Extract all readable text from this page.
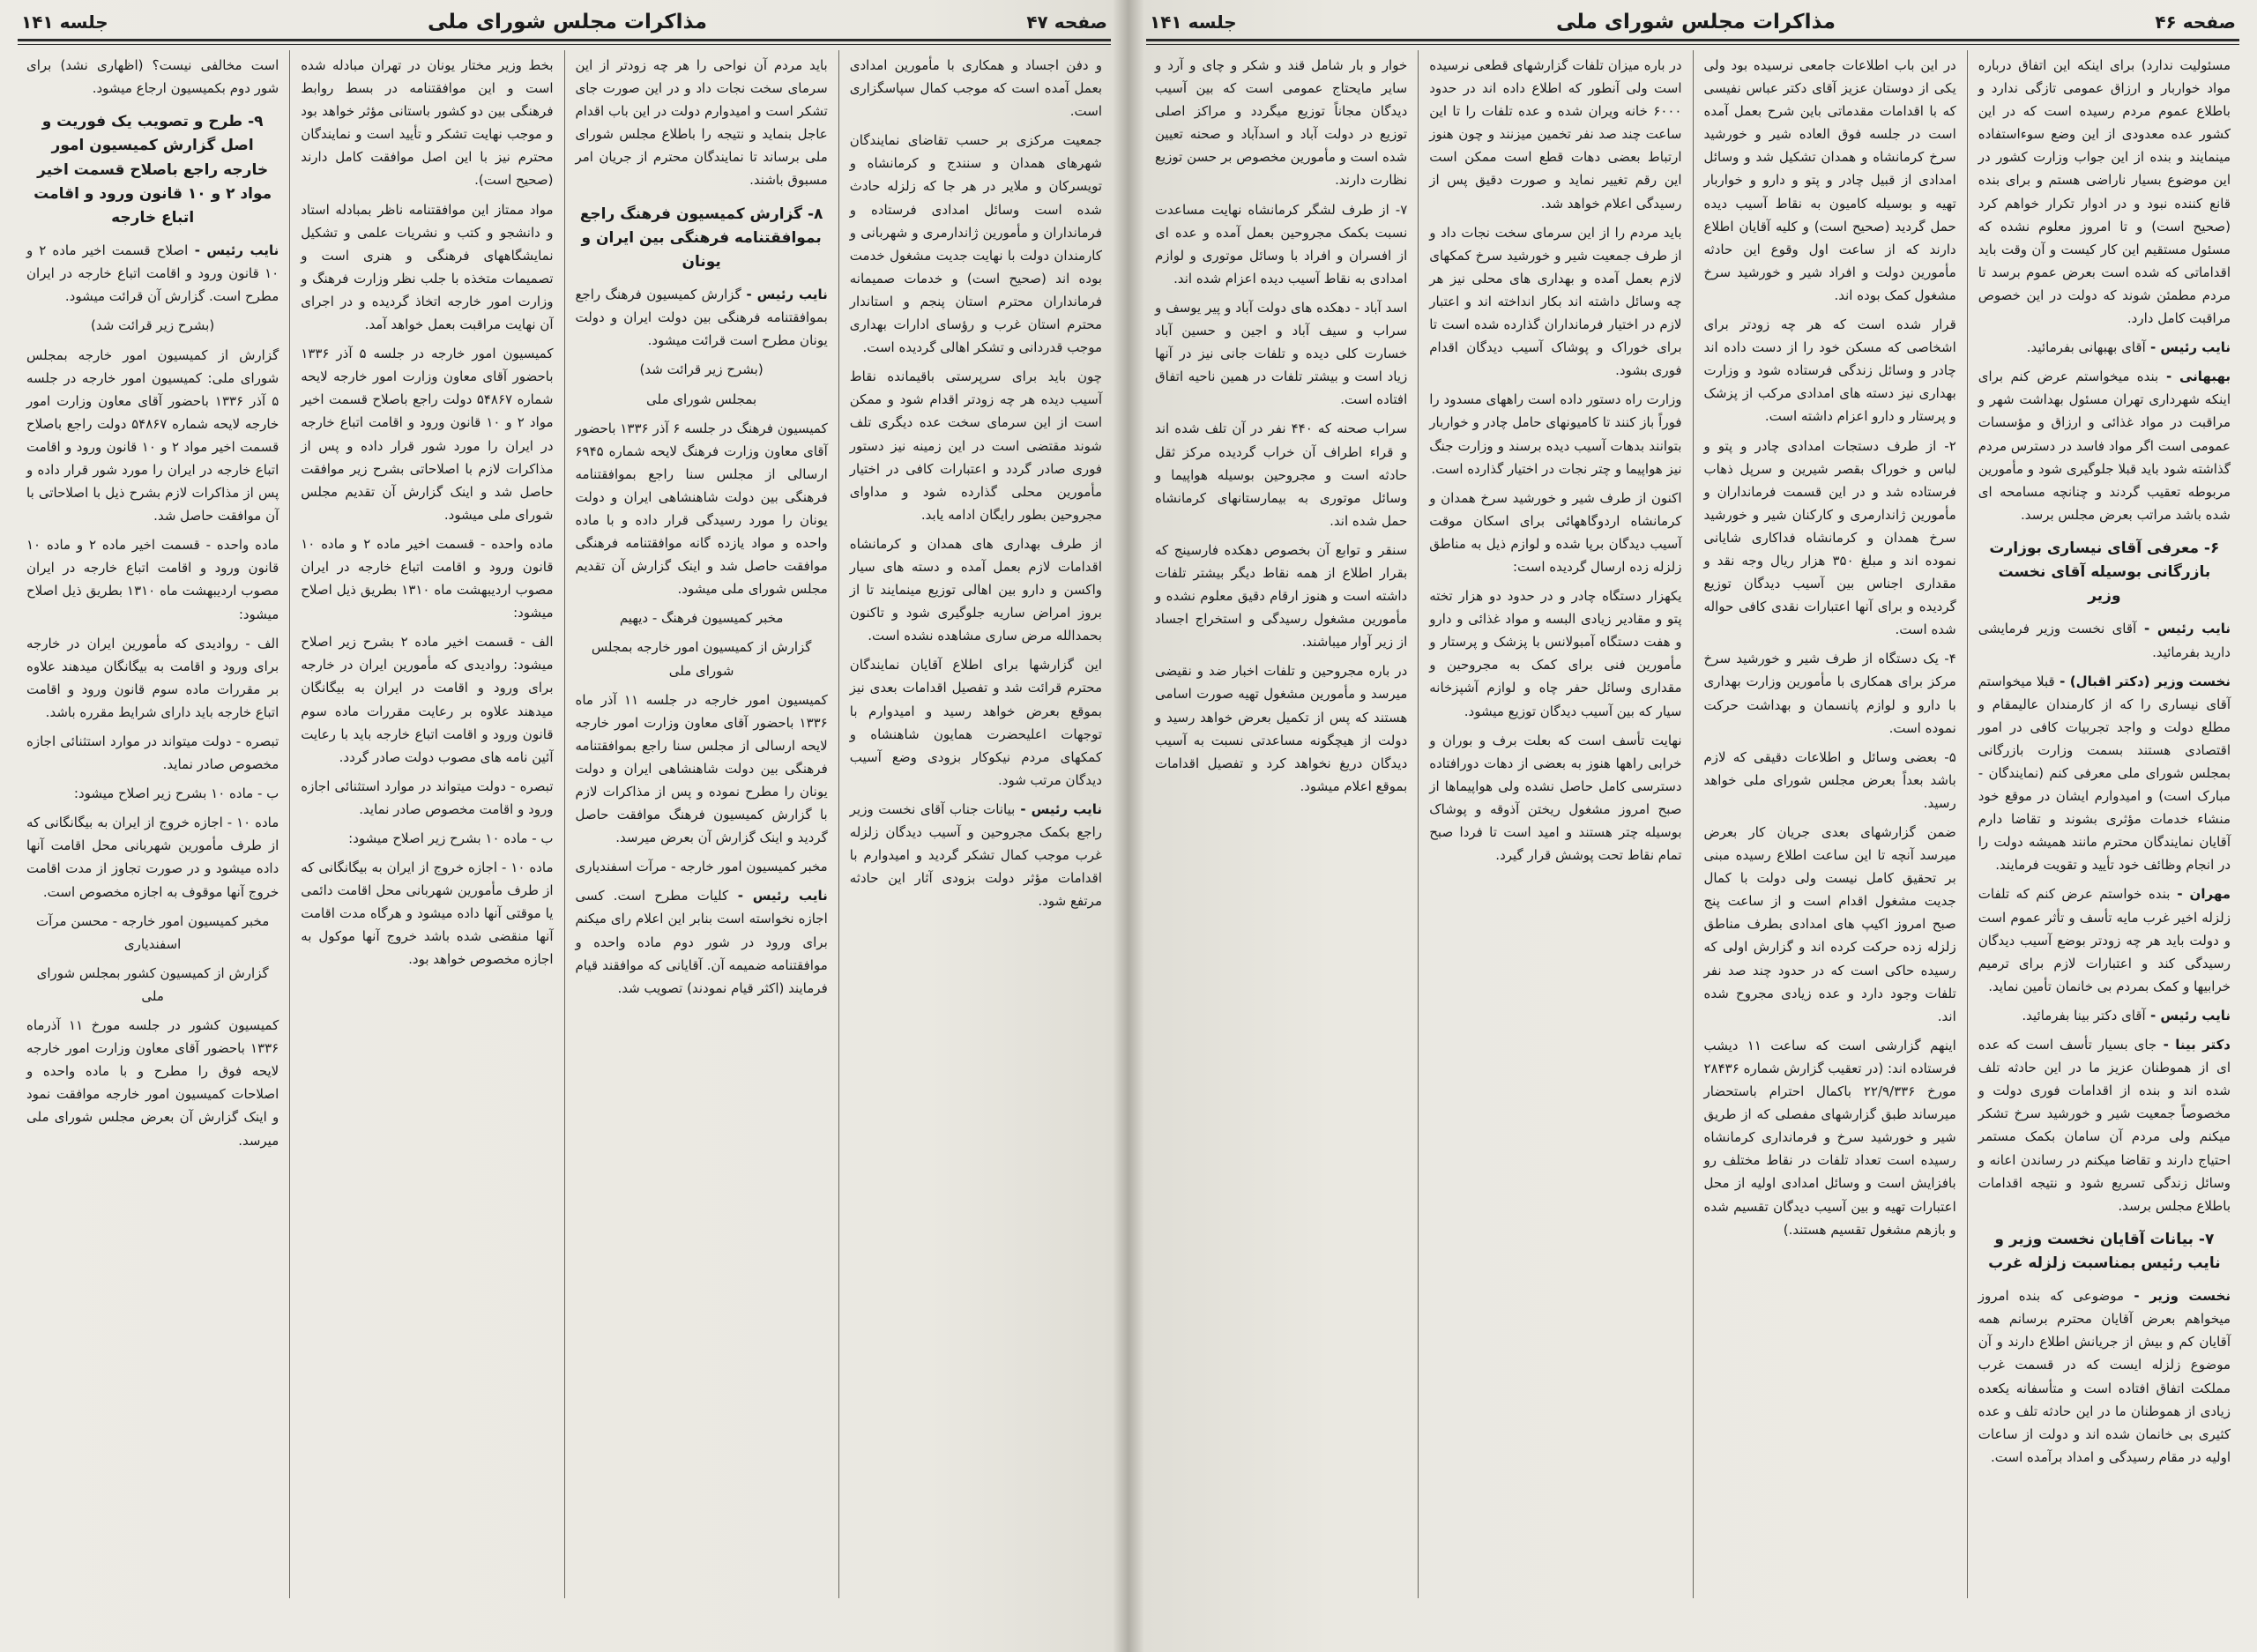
صفحه ۴۷
مذاکرات مجلس شورای ملی
جلسه ۱۴۱

و دفن اجساد و همکاری با مأمورین امدادی بعمل آمده است که موجب کمال سپاسگزاری است.

جمعیت مرکزی بر حسب تقاضای نمایندگان شهرهای همدان و سنندج و کرمانشاه و تویسرکان و ملایر در هر جا که زلزله حادث شده است وسائل امدادی فرستاده و فرمانداران و مأمورین ژاندارمری و شهربانی و کارمندان دولت با نهایت جدیت مشغول خدمت بوده اند (صحیح است) و خدمات صمیمانه فرمانداران محترم استان پنجم و استاندار محترم استان غرب و رؤسای ادارات بهداری موجب قدردانی و تشکر اهالی گردیده است.

چون باید برای سرپرستی باقیمانده نقاط آسیب دیده هر چه زودتر اقدام شود و ممکن است از این سرمای سخت عده دیگری تلف شوند مقتضی است در این زمینه نیز دستور فوری صادر گردد و اعتبارات کافی در اختیار مأمورین محلی گذارده شود و مداوای مجروحین بطور رایگان ادامه یابد.

از طرف بهداری های همدان و کرمانشاه اقدامات لازم بعمل آمده و دسته های سیار واکسن و دارو بین اهالی توزیع مینمایند تا از بروز امراض ساریه جلوگیری شود و تاکنون بحمدالله مرض ساری مشاهده نشده است.

این گزارشها برای اطلاع آقایان نمایندگان محترم قرائت شد و تفصیل اقدامات بعدی نیز بموقع بعرض خواهد رسید و امیدوارم با توجهات اعلیحضرت همایون شاهنشاه و کمکهای مردم نیکوکار بزودی وضع آسیب دیدگان مرتب شود.

نایب رئیس - بیانات جناب آقای نخست وزیر راجع بکمک مجروحین و آسیب دیدگان زلزله غرب موجب کمال تشکر گردید و امیدوارم با اقدامات مؤثر دولت بزودی آثار این حادثه مرتفع شود.

باید مردم آن نواحی را هر چه زودتر از این سرمای سخت نجات داد و در این صورت جای تشکر است و امیدوارم دولت در این باب اقدام عاجل بنماید و نتیجه را باطلاع مجلس شورای ملی برساند تا نمایندگان محترم از جریان امر مسبوق باشند.

۸- گزارش کمیسیون فرهنگ راجع بموافقتنامه فرهنگی بین ایران و یونان

نایب رئیس - گزارش کمیسیون فرهنگ راجع بموافقتنامه فرهنگی بین دولت ایران و دولت یونان مطرح است قرائت میشود.

(بشرح زیر قرائت شد)

بمجلس شورای ملی

کمیسیون فرهنگ در جلسه ۶ آذر ۱۳۳۶ باحضور آقای معاون وزارت فرهنگ لایحه شماره ۶۹۴۵ ارسالی از مجلس سنا راجع بموافقتنامه فرهنگی بین دولت شاهنشاهی ایران و دولت یونان را مورد رسیدگی قرار داده و با ماده واحده و مواد یازده گانه موافقتنامه فرهنگی موافقت حاصل شد و اینک گزارش آن تقدیم مجلس شورای ملی میشود.

مخبر کمیسیون فرهنگ - دیهیم

گزارش از کمیسیون امور خارجه بمجلس شورای ملی

کمیسیون امور خارجه در جلسه ۱۱ آذر ماه ۱۳۳۶ باحضور آقای معاون وزارت امور خارجه لایحه ارسالی از مجلس سنا راجع بموافقتنامه فرهنگی بین دولت شاهنشاهی ایران و دولت یونان را مطرح نموده و پس از مذاکرات لازم با گزارش کمیسیون فرهنگ موافقت حاصل گردید و اینک گزارش آن بعرض میرسد.

مخبر کمیسیون امور خارجه - مرآت اسفندیاری

نایب رئیس - کلیات مطرح است. کسی اجازه نخواسته است بنابر این اعلام رای میکنم برای ورود در شور دوم ماده واحده و موافقتنامه ضمیمه آن. آقایانی که موافقند قیام فرمایند (اکثر قیام نمودند) تصویب شد.

بخط وزیر مختار یونان در تهران مبادله شده است و این موافقتنامه در بسط روابط فرهنگی بین دو کشور باستانی مؤثر خواهد بود و موجب نهایت تشکر و تأیید است و نمایندگان محترم نیز با این اصل موافقت کامل دارند (صحیح است).

مواد ممتاز این موافقتنامه ناظر بمبادله استاد و دانشجو و کتب و نشریات علمی و تشکیل نمایشگاههای فرهنگی و هنری است و تصمیمات متخذه با جلب نظر وزارت فرهنگ و وزارت امور خارجه اتخاذ گردیده و در اجرای آن نهایت مراقبت بعمل خواهد آمد.

کمیسیون امور خارجه در جلسه ۵ آذر ۱۳۳۶ باحضور آقای معاون وزارت امور خارجه لایحه شماره ۵۴۸۶۷ دولت راجع باصلاح قسمت اخیر مواد ۲ و ۱۰ قانون ورود و اقامت اتباع خارجه در ایران را مورد شور قرار داده و پس از مذاکرات لازم با اصلاحاتی بشرح زیر موافقت حاصل شد و اینک گزارش آن تقدیم مجلس شورای ملی میشود.

ماده واحده - قسمت اخیر ماده ۲ و ماده ۱۰ قانون ورود و اقامت اتباع خارجه در ایران مصوب اردیبهشت ماه ۱۳۱۰ بطریق ذیل اصلاح میشود:

الف - قسمت اخیر ماده ۲ بشرح زیر اصلاح میشود: روادیدی که مأمورین ایران در خارجه برای ورود و اقامت در ایران به بیگانگان میدهند علاوه بر رعایت مقررات ماده سوم قانون ورود و اقامت اتباع خارجه باید با رعایت آئین نامه های مصوب دولت صادر گردد.

تبصره - دولت میتواند در موارد استثنائی اجازه ورود و اقامت مخصوص صادر نماید.

ب - ماده ۱۰ بشرح زیر اصلاح میشود:

ماده ۱۰ - اجازه خروج از ایران به بیگانگانی که از طرف مأمورین شهربانی محل اقامت دائمی یا موقتی آنها داده میشود و هرگاه مدت اقامت آنها منقضی شده باشد خروج آنها موکول به اجازه مخصوص خواهد بود.

است مخالفی نیست؟ (اظهاری نشد) برای شور دوم بکمیسیون ارجاع میشود.

۹- طرح و تصویب یک فوریت و اصل گزارش کمیسیون امور خارجه راجع باصلاح قسمت اخیر مواد ۲ و ۱۰ قانون ورود و اقامت اتباع خارجه

نایب رئیس - اصلاح قسمت اخیر ماده ۲ و ۱۰ قانون ورود و اقامت اتباع خارجه در ایران مطرح است. گزارش آن قرائت میشود.

(بشرح زیر قرائت شد)

گزارش از کمیسیون امور خارجه بمجلس شورای ملی: کمیسیون امور خارجه در جلسه ۵ آذر ۱۳۳۶ باحضور آقای معاون وزارت امور خارجه لایحه شماره ۵۴۸۶۷ دولت راجع باصلاح قسمت اخیر مواد ۲ و ۱۰ قانون ورود و اقامت اتباع خارجه در ایران را مورد شور قرار داده و پس از مذاکرات لازم بشرح ذیل با اصلاحاتی با آن موافقت حاصل شد.

ماده واحده - قسمت اخیر ماده ۲ و ماده ۱۰ قانون ورود و اقامت اتباع خارجه در ایران مصوب اردیبهشت ماه ۱۳۱۰ بطریق ذیل اصلاح میشود:

الف - روادیدی که مأمورین ایران در خارجه برای ورود و اقامت به بیگانگان میدهند علاوه بر مقررات ماده سوم قانون ورود و اقامت اتباع خارجه باید دارای شرایط مقرره باشد.

تبصره - دولت میتواند در موارد استثنائی اجازه مخصوص صادر نماید.

ب - ماده ۱۰ بشرح زیر اصلاح میشود:

ماده ۱۰ - اجازه خروج از ایران به بیگانگانی که از طرف مأمورین شهربانی محل اقامت آنها داده میشود و در صورت تجاوز از مدت اقامت خروج آنها موقوف به اجازه مخصوص است.

مخبر کمیسیون امور خارجه - محسن مرآت اسفندیاری

گزارش از کمیسیون کشور بمجلس شورای ملی

کمیسیون کشور در جلسه مورخ ۱۱ آذرماه ۱۳۳۶ باحضور آقای معاون وزارت امور خارجه لایحه فوق را مطرح و با ماده واحده و اصلاحات کمیسیون امور خارجه موافقت نمود و اینک گزارش آن بعرض مجلس شورای ملی میرسد.

صفحه ۴۶
مذاکرات مجلس شورای ملی
جلسه ۱۴۱

مسئولیت ندارد) برای اینکه این اتفاق درباره مواد خواربار و ارزاق عمومی تازگی ندارد و باطلاع عموم مردم رسیده است که در این کشور عده معدودی از این وضع سوءاستفاده مینمایند و بنده از این جواب وزارت کشور در این موضوع بسیار ناراضی هستم و برای بنده قانع کننده نبود و در ادوار تکرار خواهم کرد (صحیح است) و تا امروز معلوم نشده که مسئول مستقیم این کار کیست و آن وقت باید اقداماتی که شده است بعرض عموم برسد تا مردم مطمئن شوند که دولت در این خصوص مراقبت کامل دارد.

نایب رئیس - آقای بهبهانی بفرمائید.

بهبهانی - بنده میخواستم عرض کنم برای اینکه شهرداری تهران مسئول بهداشت شهر و مراقبت در مواد غذائی و ارزاق و مؤسسات عمومی است اگر مواد فاسد در دسترس مردم گذاشته شود باید قبلا جلوگیری شود و مأمورین مربوطه تعقیب گردند و چنانچه مسامحه ای شده باشد مراتب بعرض مجلس برسد.

۶- معرفی آقای نیساری بوزارت بازرگانی بوسیله آقای نخست وزیر

نایب رئیس - آقای نخست وزیر فرمایشی دارید بفرمائید.

نخست وزیر (دکتر اقبال) - قبلا میخواستم آقای نیساری را که از کارمندان عالیمقام و مطلع دولت و واجد تجربیات کافی در امور اقتصادی هستند بسمت وزارت بازرگانی بمجلس شورای ملی معرفی کنم (نمایندگان - مبارک است) و امیدوارم ایشان در موقع خود منشاء خدمات مؤثری بشوند و تقاضا دارم آقایان نمایندگان محترم مانند همیشه دولت را در انجام وظائف خود تأیید و تقویت فرمایند.

مهران - بنده خواستم عرض کنم که تلفات زلزله اخیر غرب مایه تأسف و تأثر عموم است و دولت باید هر چه زودتر بوضع آسیب دیدگان رسیدگی کند و اعتبارات لازم برای ترمیم خرابیها و کمک بمردم بی خانمان تأمین نماید.

نایب رئیس - آقای دکتر بینا بفرمائید.

دکتر بینا - جای بسیار تأسف است که عده ای از هموطنان عزیز ما در این حادثه تلف شده اند و بنده از اقدامات فوری دولت و مخصوصاً جمعیت شیر و خورشید سرخ تشکر میکنم ولی مردم آن سامان بکمک مستمر احتیاج دارند و تقاضا میکنم در رساندن اعانه و وسائل زندگی تسریع شود و نتیجه اقدامات باطلاع مجلس برسد.

۷- بیانات آقایان نخست وزیر و نایب رئیس بمناسبت زلزله غرب

نخست وزیر - موضوعی که بنده امروز میخواهم بعرض آقایان محترم برسانم همه آقایان کم و بیش از جریانش اطلاع دارند و آن موضوع زلزله ایست که در قسمت غرب مملکت اتفاق افتاده است و متأسفانه یکعده زیادی از هموطنان ما در این حادثه تلف و عده کثیری بی خانمان شده اند و دولت از ساعات اولیه در مقام رسیدگی و امداد برآمده است.

در این باب اطلاعات جامعی نرسیده بود ولی یکی از دوستان عزیز آقای دکتر عباس نفیسی که با اقدامات مقدماتی باین شرح بعمل آمده است در جلسه فوق العاده شیر و خورشید سرخ کرمانشاه و همدان تشکیل شد و وسائل امدادی از قبیل چادر و پتو و دارو و خواربار تهیه و بوسیله کامیون به نقاط آسیب دیده حمل گردید (صحیح است) و کلیه آقایان اطلاع دارند که از ساعت اول وقوع این حادثه مأمورین دولت و افراد شیر و خورشید سرخ مشغول کمک بوده اند.

قرار شده است که هر چه زودتر برای اشخاصی که مسکن خود را از دست داده اند چادر و وسائل زندگی فرستاده شود و وزارت بهداری نیز دسته های امدادی مرکب از پزشک و پرستار و دارو اعزام داشته است.

۲- از طرف دستجات امدادی چادر و پتو و لباس و خوراک بقصر شیرین و سرپل ذهاب فرستاده شد و در این قسمت فرمانداران و مأمورین ژاندارمری و کارکنان شیر و خورشید سرخ همدان و کرمانشاه فداکاری شایانی نموده اند و مبلغ ۳۵۰ هزار ریال وجه نقد و مقداری اجناس بین آسیب دیدگان توزیع گردیده و برای آنها اعتبارات نقدی کافی حواله شده است.

۴- یک دستگاه از طرف شیر و خورشید سرخ مرکز برای همکاری با مأمورین وزارت بهداری با دارو و لوازم پانسمان و بهداشت حرکت نموده است.

۵- بعضی وسائل و اطلاعات دقیقی که لازم باشد بعداً بعرض مجلس شورای ملی خواهد رسید.

ضمن گزارشهای بعدی جریان کار بعرض میرسد آنچه تا این ساعت اطلاع رسیده مبنی بر تحقیق کامل نیست ولی دولت با کمال جدیت مشغول اقدام است و از ساعت پنج صبح امروز اکیپ های امدادی بطرف مناطق زلزله زده حرکت کرده اند و گزارش اولی که رسیده حاکی است که در حدود چند صد نفر تلفات وجود دارد و عده زیادی مجروح شده اند.

اینهم گزارشی است که ساعت ۱۱ دیشب فرستاده اند: (در تعقیب گزارش شماره ۲۸۴۳۶ مورخ ۲۲/۹/۳۳۶ باکمال احترام باستحضار میرساند طبق گزارشهای مفصلی که از طریق شیر و خورشید سرخ و فرمانداری کرمانشاه رسیده است تعداد تلفات در نقاط مختلف رو بافزایش است و وسائل امدادی اولیه از محل اعتبارات تهیه و بین آسیب دیدگان تقسیم شده و بازهم مشغول تقسیم هستند.)

در باره میزان تلفات گزارشهای قطعی نرسیده است ولی آنطور که اطلاع داده اند در حدود ۶۰۰۰ خانه ویران شده و عده تلفات را تا این ساعت چند صد نفر تخمین میزنند و چون هنوز ارتباط بعضی دهات قطع است ممکن است این رقم تغییر نماید و صورت دقیق پس از رسیدگی اعلام خواهد شد.

باید مردم را از این سرمای سخت نجات داد و از طرف جمعیت شیر و خورشید سرخ کمکهای لازم بعمل آمده و بهداری های محلی نیز هر چه وسائل داشته اند بکار انداخته اند و اعتبار لازم در اختیار فرمانداران گذارده شده است تا برای خوراک و پوشاک آسیب دیدگان اقدام فوری بشود.

وزارت راه دستور داده است راههای مسدود را فوراً باز کنند تا کامیونهای حامل چادر و خواربار بتوانند بدهات آسیب دیده برسند و وزارت جنگ نیز هواپیما و چتر نجات در اختیار گذارده است.

اکنون از طرف شیر و خورشید سرخ همدان و کرمانشاه اردوگاههائی برای اسکان موقت آسیب دیدگان برپا شده و لوازم ذیل به مناطق زلزله زده ارسال گردیده است:

یکهزار دستگاه چادر و در حدود دو هزار تخته پتو و مقادیر زیادی البسه و مواد غذائی و دارو و هفت دستگاه آمبولانس با پزشک و پرستار و مأمورین فنی برای کمک به مجروحین و مقداری وسائل حفر چاه و لوازم آشپزخانه سیار که بین آسیب دیدگان توزیع میشود.

نهایت تأسف است که بعلت برف و بوران و خرابی راهها هنوز به بعضی از دهات دورافتاده دسترسی کامل حاصل نشده ولی هواپیماها از صبح امروز مشغول ریختن آذوقه و پوشاک بوسیله چتر هستند و امید است تا فردا صبح تمام نقاط تحت پوشش قرار گیرد.

خوار و بار شامل قند و شکر و چای و آرد و سایر مایحتاج عمومی است که بین آسیب دیدگان مجاناً توزیع میگردد و مراکز اصلی توزیع در دولت آباد و اسدآباد و صحنه تعیین شده است و مأمورین مخصوص بر حسن توزیع نظارت دارند.

۷- از طرف لشگر کرمانشاه نهایت مساعدت نسبت بکمک مجروحین بعمل آمده و عده ای از افسران و افراد با وسائل موتوری و لوازم امدادی به نقاط آسیب دیده اعزام شده اند.

اسد آباد - دهکده های دولت آباد و پیر یوسف و سراب و سیف آباد و اجین و حسین آباد خسارت کلی دیده و تلفات جانی نیز در آنها زیاد است و بیشتر تلفات در همین ناحیه اتفاق افتاده است.

سراب صحنه که ۴۴۰ نفر در آن تلف شده اند و قراء اطراف آن خراب گردیده مرکز ثقل حادثه است و مجروحین بوسیله هواپیما و وسائل موتوری به بیمارستانهای کرمانشاه حمل شده اند.

سنقر و توابع آن بخصوص دهکده فارسینج که بقرار اطلاع از همه نقاط دیگر بیشتر تلفات داشته است و هنوز ارقام دقیق معلوم نشده و مأمورین مشغول رسیدگی و استخراج اجساد از زیر آوار میباشند.

در باره مجروحین و تلفات اخبار ضد و نقیضی میرسد و مأمورین مشغول تهیه صورت اسامی هستند که پس از تکمیل بعرض خواهد رسید و دولت از هیچگونه مساعدتی نسبت به آسیب دیدگان دریغ نخواهد کرد و تفصیل اقدامات بموقع اعلام میشود.
